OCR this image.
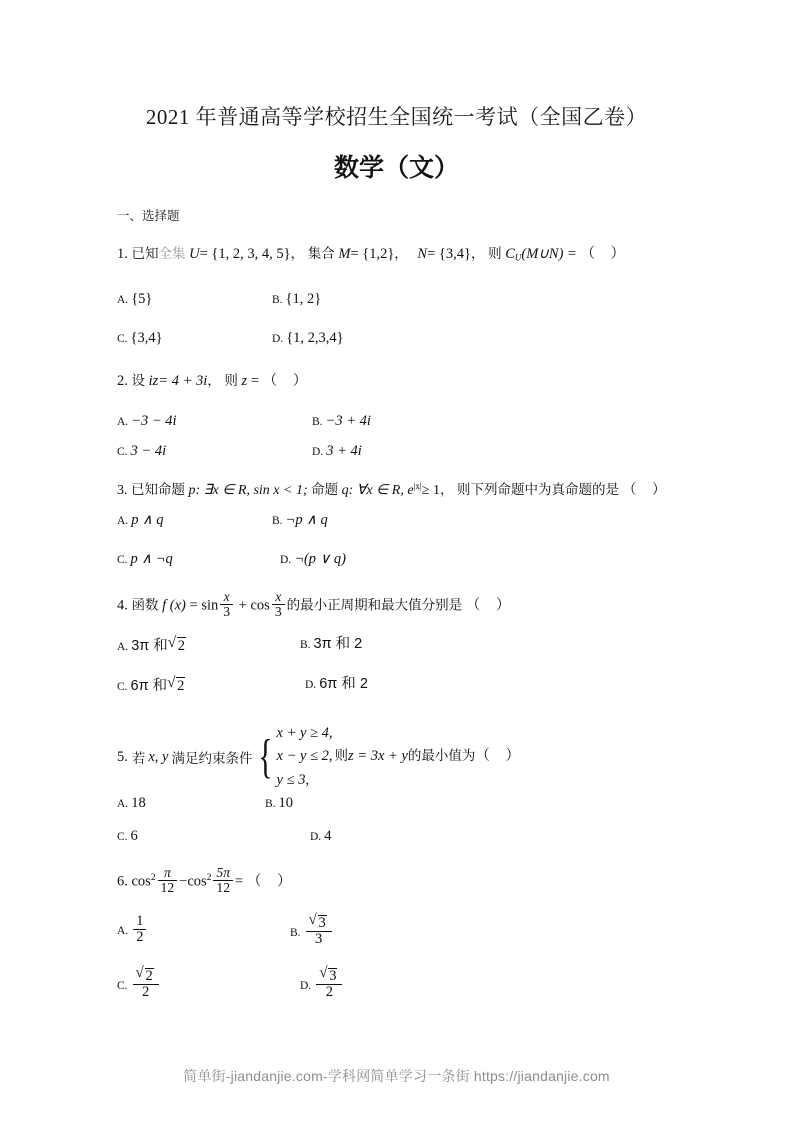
2021 年普通高等学校招生全国统一考试（全国乙卷）
数学（文）
一、选择题
1. 已知全集 U= {1, 2, 3, 4, 5}， 集合 M= {1,2}， N= {3,4}， 则 $C_U(M\cup N)$ = （ ）
A. {5}	B. {1, 2}
C. {3,4}	D. {1, 2,3,4}
2. 设 iz= 4 + 3i， 则 z = （ ）
A. −3 − 4i	B. −3 + 4i
C. 3 − 4i	D. 3 + 4i
3. 已知命题 p: ∃x ∈ R, sin x < 1; 命题 q: ∀x ∈ R, $e^{|x|}\ge 1$， 则下列命题中为真命题的是 （ ）
A. p ∧ q	B. ¬p ∧ q
C. p ∧ ¬q	D. ¬(p ∨ q)
4. 函数 f $(x) = \sin \frac{x}{3} + \cos \frac{x}{3}$ 的最小正周期和最大值分别是 （ ）
A. 3π 和 √ 2	B. 3π 和 2
C. 6π 和 √ 2	D. 6π 和 2
5. 若 x, y 满足约束条件 { x + y ≥ 4,
x − y ≤ 2, 则z = 3x + y的最小值为（ ）
y ≤ 3,
A. 18	B. 10
C. 6	D. 4
6. $\cos^2 \frac{\pi}{12} -\cos^2 \frac{5\pi}{12}$ = （ ）
A. $\frac{1}{2}$	B. √ $\frac{3}{3}$
C. √ $\frac{2}{2}$	D. √ $\frac{3}{2}$
简单街-jiandanjie.com-学科网简单学习一条街 https://jiandanjie.com
